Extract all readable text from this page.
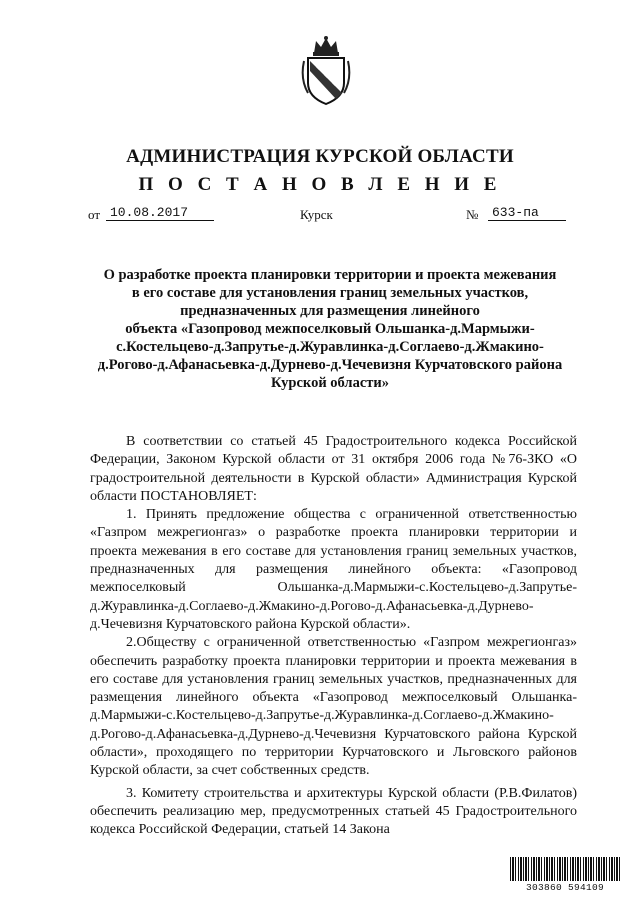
АДМИНИСТРАЦИЯ КУРСКОЙ ОБЛАСТИ
П О С Т А Н О В Л Е Н И Е
от 10.08.2017	Курск	№	633-па
О разработке проекта планировки территории и проекта межевания
в его составе для установления границ земельных участков,
предназначенных для размещения линейного
объекта «Газопровод межпоселковый Ольшанка-д.Мармыжи-
с.Костельцево-д.Запрутье-д.Журавлинка-д.Соглаево-д.Жмакино-
д.Рогово-д.Афанасьевка-д.Дурнево-д.Чечевизня Курчатовского района
Курской области»

В соответствии со статьей 45 Градостроительного кодекса Российской Федерации, Законом Курской области от 31 октября 2006 года №76-ЗКО «О градостроительной деятельности в Курской области» Администрация Курской области ПОСТАНОВЛЯЕТ:

1. Принять предложение общества с ограниченной ответственностью «Газпром межрегионгаз» о разработке проекта планировки территории и проекта межевания в его составе для установления границ земельных участков, предназначенных для размещения линейного объекта: «Газопровод межпоселковый Ольшанка-д.Мармыжи-с.Костельцево-д.Запрутье-д.Журавлинка-д.Соглаево-д.Жмакино-д.Рогово-д.Афанасьевка-д.Дурнево-д.Чечевизня Курчатовского района Курской области».

2.Обществу с ограниченной ответственностью «Газпром межрегионгаз» обеспечить разработку проекта планировки территории и проекта межевания в его составе для установления границ земельных участков, предназначенных для размещения линейного объекта «Газопровод межпоселковый Ольшанка-д.Мармыжи-с.Костельцево-д.Запрутье-д.Журавлинка-д.Соглаево-д.Жмакино-д.Рогово-д.Афанасьевка-д.Дурнево-д.Чечевизня Курчатовского района Курской области», проходящего по территории Курчатовского и Льговского районов Курской области, за счет собственных средств.

3. Комитету строительства и архитектуры Курской области (Р.В.Филатов) обеспечить реализацию мер, предусмотренных статьей 45 Градостроительного кодекса Российской Федерации, статьей 14 Закона

303860 594109
